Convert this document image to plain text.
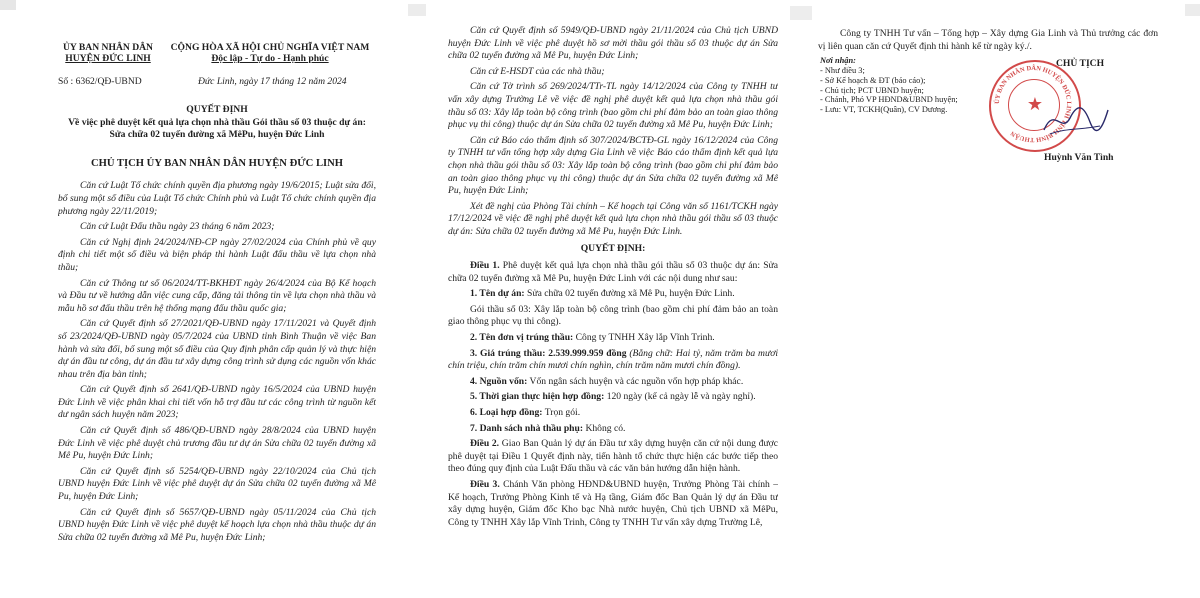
ỦY BAN NHÂN DÂN
HUYỆN ĐỨC LINH
CỘNG HÒA XÃ HỘI CHỦ NGHĨA VIỆT NAM
Độc lập - Tự do - Hạnh phúc
Số : 6362/QĐ-UBND	Đức Linh, ngày 17 tháng 12 năm 2024
QUYẾT ĐỊNH
Về việc phê duyệt kết quả lựa chọn nhà thầu Gói thầu số 03 thuộc dự án:
Sửa chữa 02 tuyến đường xã MêPu, huyện Đức Linh
CHỦ TỊCH ỦY BAN NHÂN DÂN HUYỆN ĐỨC LINH

Căn cứ Luật Tổ chức chính quyền địa phương ngày 19/6/2015; Luật sửa đổi, bổ sung một số điều của Luật Tổ chức Chính phủ và Luật Tổ chức chính quyền địa phương ngày 22/11/2019;

Căn cứ Luật Đấu thầu ngày 23 tháng 6 năm 2023;

Căn cứ Nghị định 24/2024/NĐ-CP ngày 27/02/2024 của Chính phủ về quy định chi tiết một số điều và biện pháp thi hành Luật đấu thầu về lựa chọn nhà thầu;

Căn cứ Thông tư số 06/2024/TT-BKHĐT ngày 26/4/2024 của Bộ Kế hoạch và Đầu tư về hướng dẫn việc cung cấp, đăng tải thông tin về lựa chọn nhà thầu và mẫu hồ sơ đấu thầu trên hệ thống mạng đấu thầu quốc gia;

Căn cứ Quyết định số 27/2021/QĐ-UBND ngày 17/11/2021 và Quyết định số 23/2024/QĐ-UBND ngày 05/7/2024 của UBND tỉnh Bình Thuận về việc Ban hành và sửa đổi, bổ sung một số điều của Quy định phân cấp quản lý và thực hiện dự án đầu tư công, dự án đầu tư xây dựng công trình sử dụng các nguồn vốn khác nhau trên địa bàn tỉnh;

Căn cứ Quyết định số 2641/QĐ-UBND ngày 16/5/2024 của UBND huyện Đức Linh về việc phân khai chi tiết vốn hỗ trợ đầu tư các công trình từ nguồn kết dư ngân sách huyện năm 2023;

Căn cứ Quyết định số 486/QĐ-UBND ngày 28/8/2024 của UBND huyện Đức Linh về việc phê duyệt chủ trương đầu tư dự án Sửa chữa 02 tuyến đường xã Mê Pu, huyện Đức Linh;

Căn cứ Quyết định số 5254/QĐ-UBND ngày 22/10/2024 của Chủ tịch UBND huyện Đức Linh về việc phê duyệt dự án Sửa chữa 02 tuyến đường xã Mê Pu, huyện Đức Linh;

Căn cứ Quyết định số 5657/QĐ-UBND ngày 05/11/2024 của Chủ tịch UBND huyện Đức Linh về việc phê duyệt kế hoạch lựa chọn nhà thầu thuộc dự án Sửa chữa 02 tuyến đường xã Mê Pu, huyện Đức Linh;

Căn cứ Quyết định số 5949/QĐ-UBND ngày 21/11/2024 của Chủ tịch UBND huyện Đức Linh về việc phê duyệt hồ sơ mời thầu gói thầu số 03 thuộc dự án Sửa chữa 02 tuyến đường xã Mê Pu, huyện Đức Linh;

Căn cứ E-HSDT của các nhà thầu;

Căn cứ Tờ trình số 269/2024/TTr-TL ngày 14/12/2024 của Công ty TNHH tư vấn xây dựng Trường Lê về việc đề nghị phê duyệt kết quả lựa chọn nhà thầu gói thầu số 03: Xây lắp toàn bộ công trình (bao gồm chi phí đảm bảo an toàn giao thông phục vụ thi công) thuộc dự án Sửa chữa 02 tuyến đường xã Mê Pu, huyện Đức Linh;

Căn cứ Báo cáo thẩm định số 307/2024/BCTĐ-GL ngày 16/12/2024 của Công ty TNHH tư vấn tổng hợp xây dựng Gia Linh về việc Báo cáo thẩm định kết quả lựa chọn nhà thầu gói thầu số 03: Xây lắp toàn bộ công trình (bao gồm chi phí đảm bảo an toàn giao thông phục vụ thi công) thuộc dự án Sửa chữa 02 tuyến đường xã Mê Pu, huyện Đức Linh;

Xét đề nghị của Phòng Tài chính – Kế hoạch tại Công văn số 1161/TCKH ngày 17/12/2024 về việc đề nghị phê duyệt kết quả lựa chọn nhà thầu gói thầu số 03 thuộc dự án: Sửa chữa 02 tuyến đường xã Mê Pu, huyện Đức Linh.

QUYẾT ĐỊNH:

Điều 1. Phê duyệt kết quả lựa chọn nhà thầu gói thầu số 03 thuộc dự án: Sửa chữa 02 tuyến đường xã Mê Pu, huyện Đức Linh với các nội dung như sau:

1. Tên dự án: Sửa chữa 02 tuyến đường xã Mê Pu, huyện Đức Linh.

Gói thầu số 03: Xây lắp toàn bộ công trình (bao gồm chi phí đảm bảo an toàn giao thông phục vụ thi công).

2. Tên đơn vị trúng thầu: Công ty TNHH Xây lắp Vĩnh Trinh.

3. Giá trúng thầu: 2.539.999.959 đồng (Bằng chữ: Hai tỷ, năm trăm ba mươi chín triệu, chín trăm chín mươi chín nghìn, chín trăm năm mươi chín đồng).

4. Nguồn vốn: Vốn ngân sách huyện và các nguồn vốn hợp pháp khác.

5. Thời gian thực hiện hợp đồng: 120 ngày (kể cả ngày lễ và ngày nghỉ).

6. Loại hợp đồng: Trọn gói.

7. Danh sách nhà thầu phụ: Không có.

Điều 2. Giao Ban Quản lý dự án Đầu tư xây dựng huyện căn cứ nội dung được phê duyệt tại Điều 1 Quyết định này, tiến hành tổ chức thực hiện các bước tiếp theo theo đúng quy định của Luật Đấu thầu và các văn bản hướng dẫn hiện hành.

Điều 3. Chánh Văn phòng HĐND&UBND huyện, Trưởng Phòng Tài chính – Kế hoạch, Trưởng Phòng Kinh tế và Hạ tầng, Giám đốc Ban Quản lý dự án Đầu tư xây dựng huyện, Giám đốc Kho bạc Nhà nước huyện, Chủ tịch UBND xã MêPu, Công ty TNHH Xây lắp Vĩnh Trinh, Công ty TNHH Tư vấn xây dựng Trường Lê,

Công ty TNHH Tư vấn – Tổng hợp – Xây dựng Gia Linh và Thủ trưởng các đơn vị liên quan căn cứ Quyết định thi hành kể từ ngày ký./.

Nơi nhận:
- Như điều 3;
- Sở Kế hoạch & ĐT (báo cáo);
- Chủ tịch; PCT UBND huyện;
- Chánh, Phó VP HĐND&UBND huyện;
- Lưu: VT, TCKH(Quân), CV Dương.
CHỦ TỊCH
Huỳnh Văn Tình
ỦY BAN NHÂN DÂN HUYỆN ĐỨC LINH TỈNH BÌNH THUẬN
★
